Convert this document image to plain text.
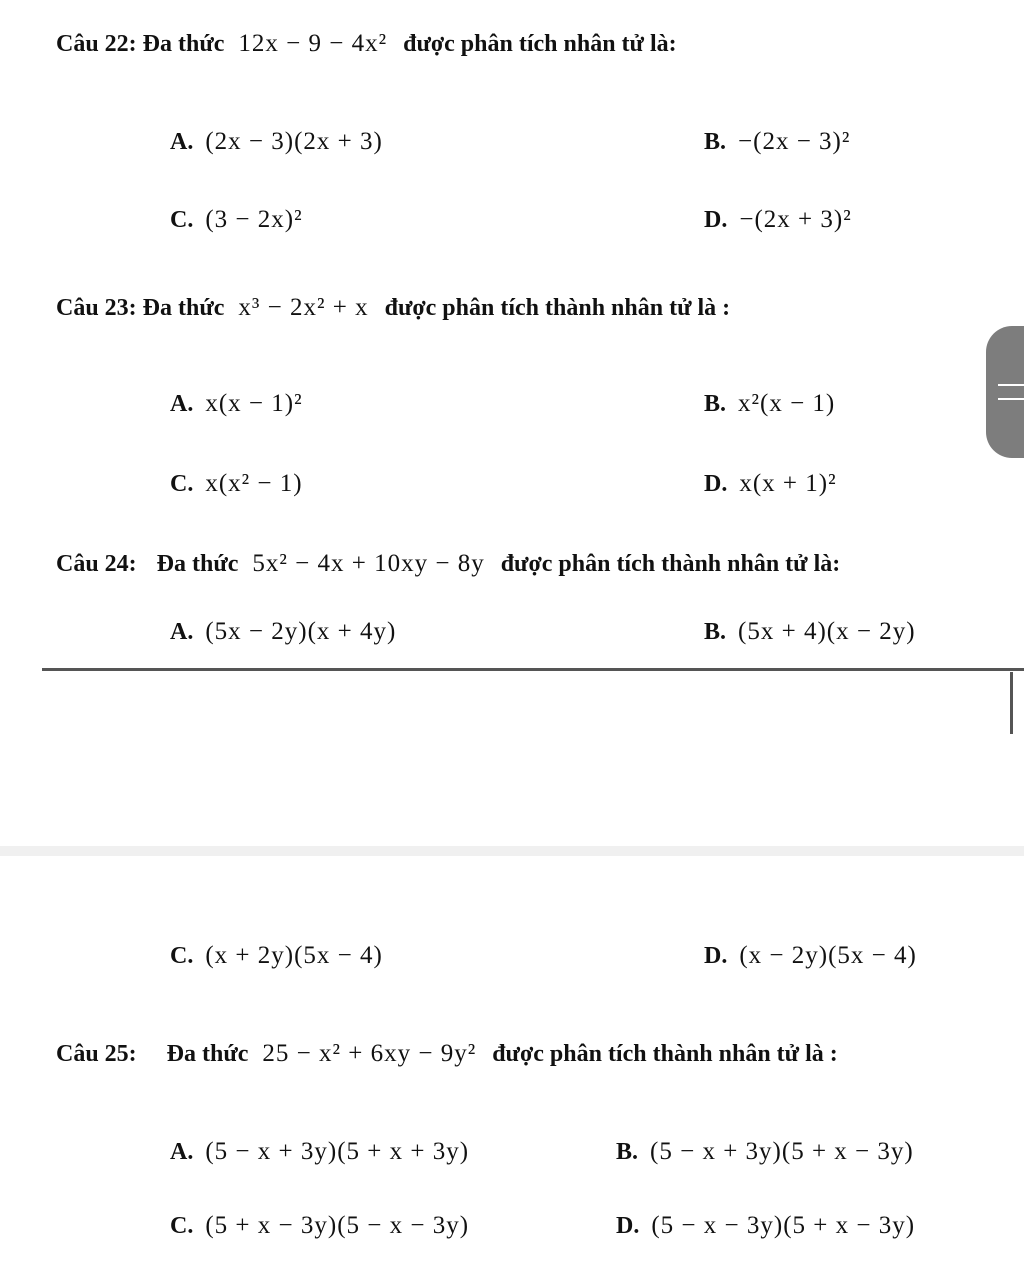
Câu 22: Đa thức 12x − 9 − 4x² được phân tích nhân tử là:
A. (2x − 3)(2x + 3)	B. −(2x − 3)²
C. (3 − 2x)²	D. −(2x + 3)²
Câu 23: Đa thức x³ − 2x² + x được phân tích thành nhân tử là :
A. x(x − 1)²	B. x²(x − 1)
C. x(x² − 1)	D. x(x + 1)²
Câu 24: Đa thức 5x² − 4x + 10xy − 8y được phân tích thành nhân tử là:
A. (5x − 2y)(x + 4y)	B. (5x + 4)(x − 2y)
C. (x + 2y)(5x − 4)	D. (x − 2y)(5x − 4)
Câu 25: Đa thức 25 − x² + 6xy − 9y² được phân tích thành nhân tử là :
A. (5 − x + 3y)(5 + x + 3y)	B. (5 − x + 3y)(5 + x − 3y)
C. (5 + x − 3y)(5 − x − 3y)	D. (5 − x − 3y)(5 + x − 3y)
